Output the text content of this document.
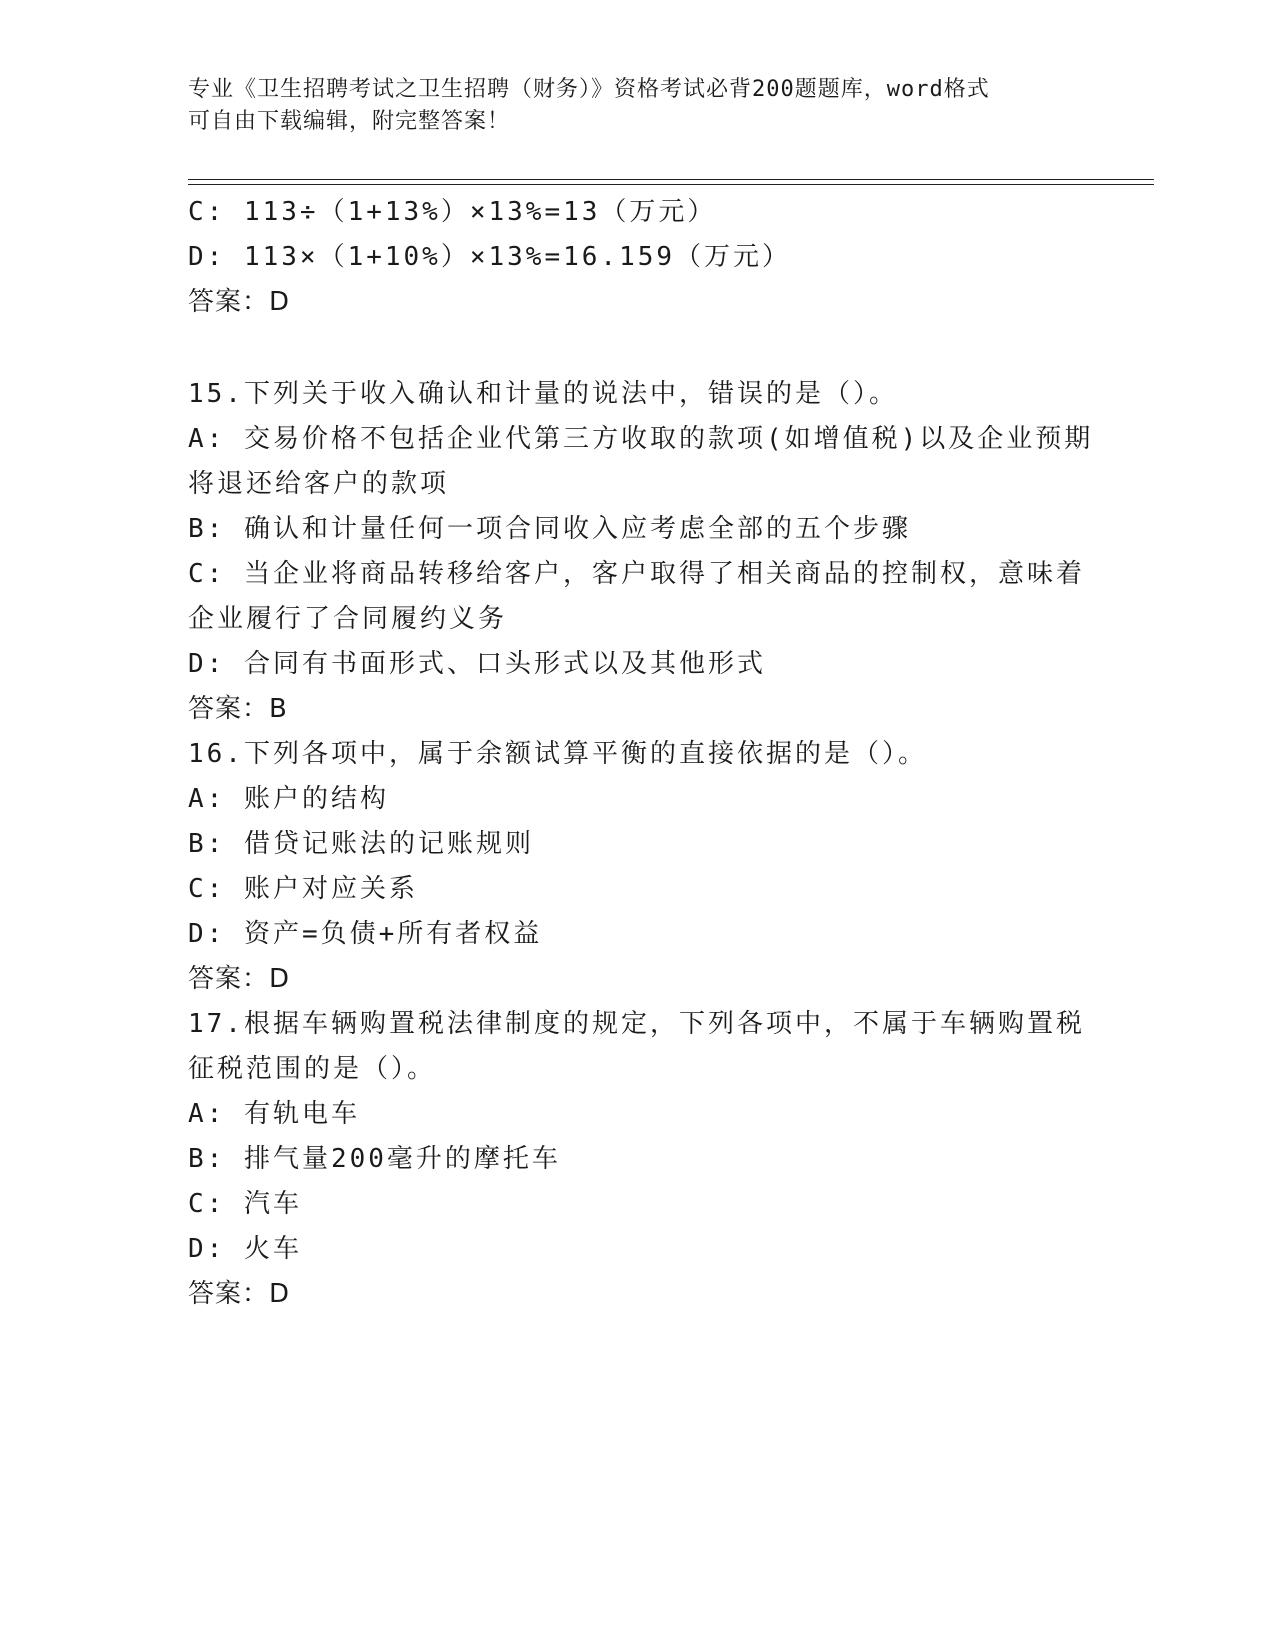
专业《卫生招聘考试之卫生招聘（财务）》资格考试必背200题题库，word格式
可自由下载编辑，附完整答案！
C: 113÷（1+13%）×13%=13（万元）
D: 113×（1+10%）×13%=16.159（万元）
答案：D
15.下列关于收入确认和计量的说法中，错误的是（）。
A: 交易价格不包括企业代第三方收取的款项(如增值税)以及企业预期
将退还给客户的款项
B: 确认和计量任何一项合同收入应考虑全部的五个步骤
C: 当企业将商品转移给客户，客户取得了相关商品的控制权，意味着
企业履行了合同履约义务
D: 合同有书面形式、口头形式以及其他形式
答案：B
16.下列各项中，属于余额试算平衡的直接依据的是（）。
A: 账户的结构
B: 借贷记账法的记账规则
C: 账户对应关系
D: 资产=负债+所有者权益
答案：D
17.根据车辆购置税法律制度的规定，下列各项中，不属于车辆购置税
征税范围的是（）。
A: 有轨电车
B: 排气量200毫升的摩托车
C: 汽车
D: 火车
答案：D
